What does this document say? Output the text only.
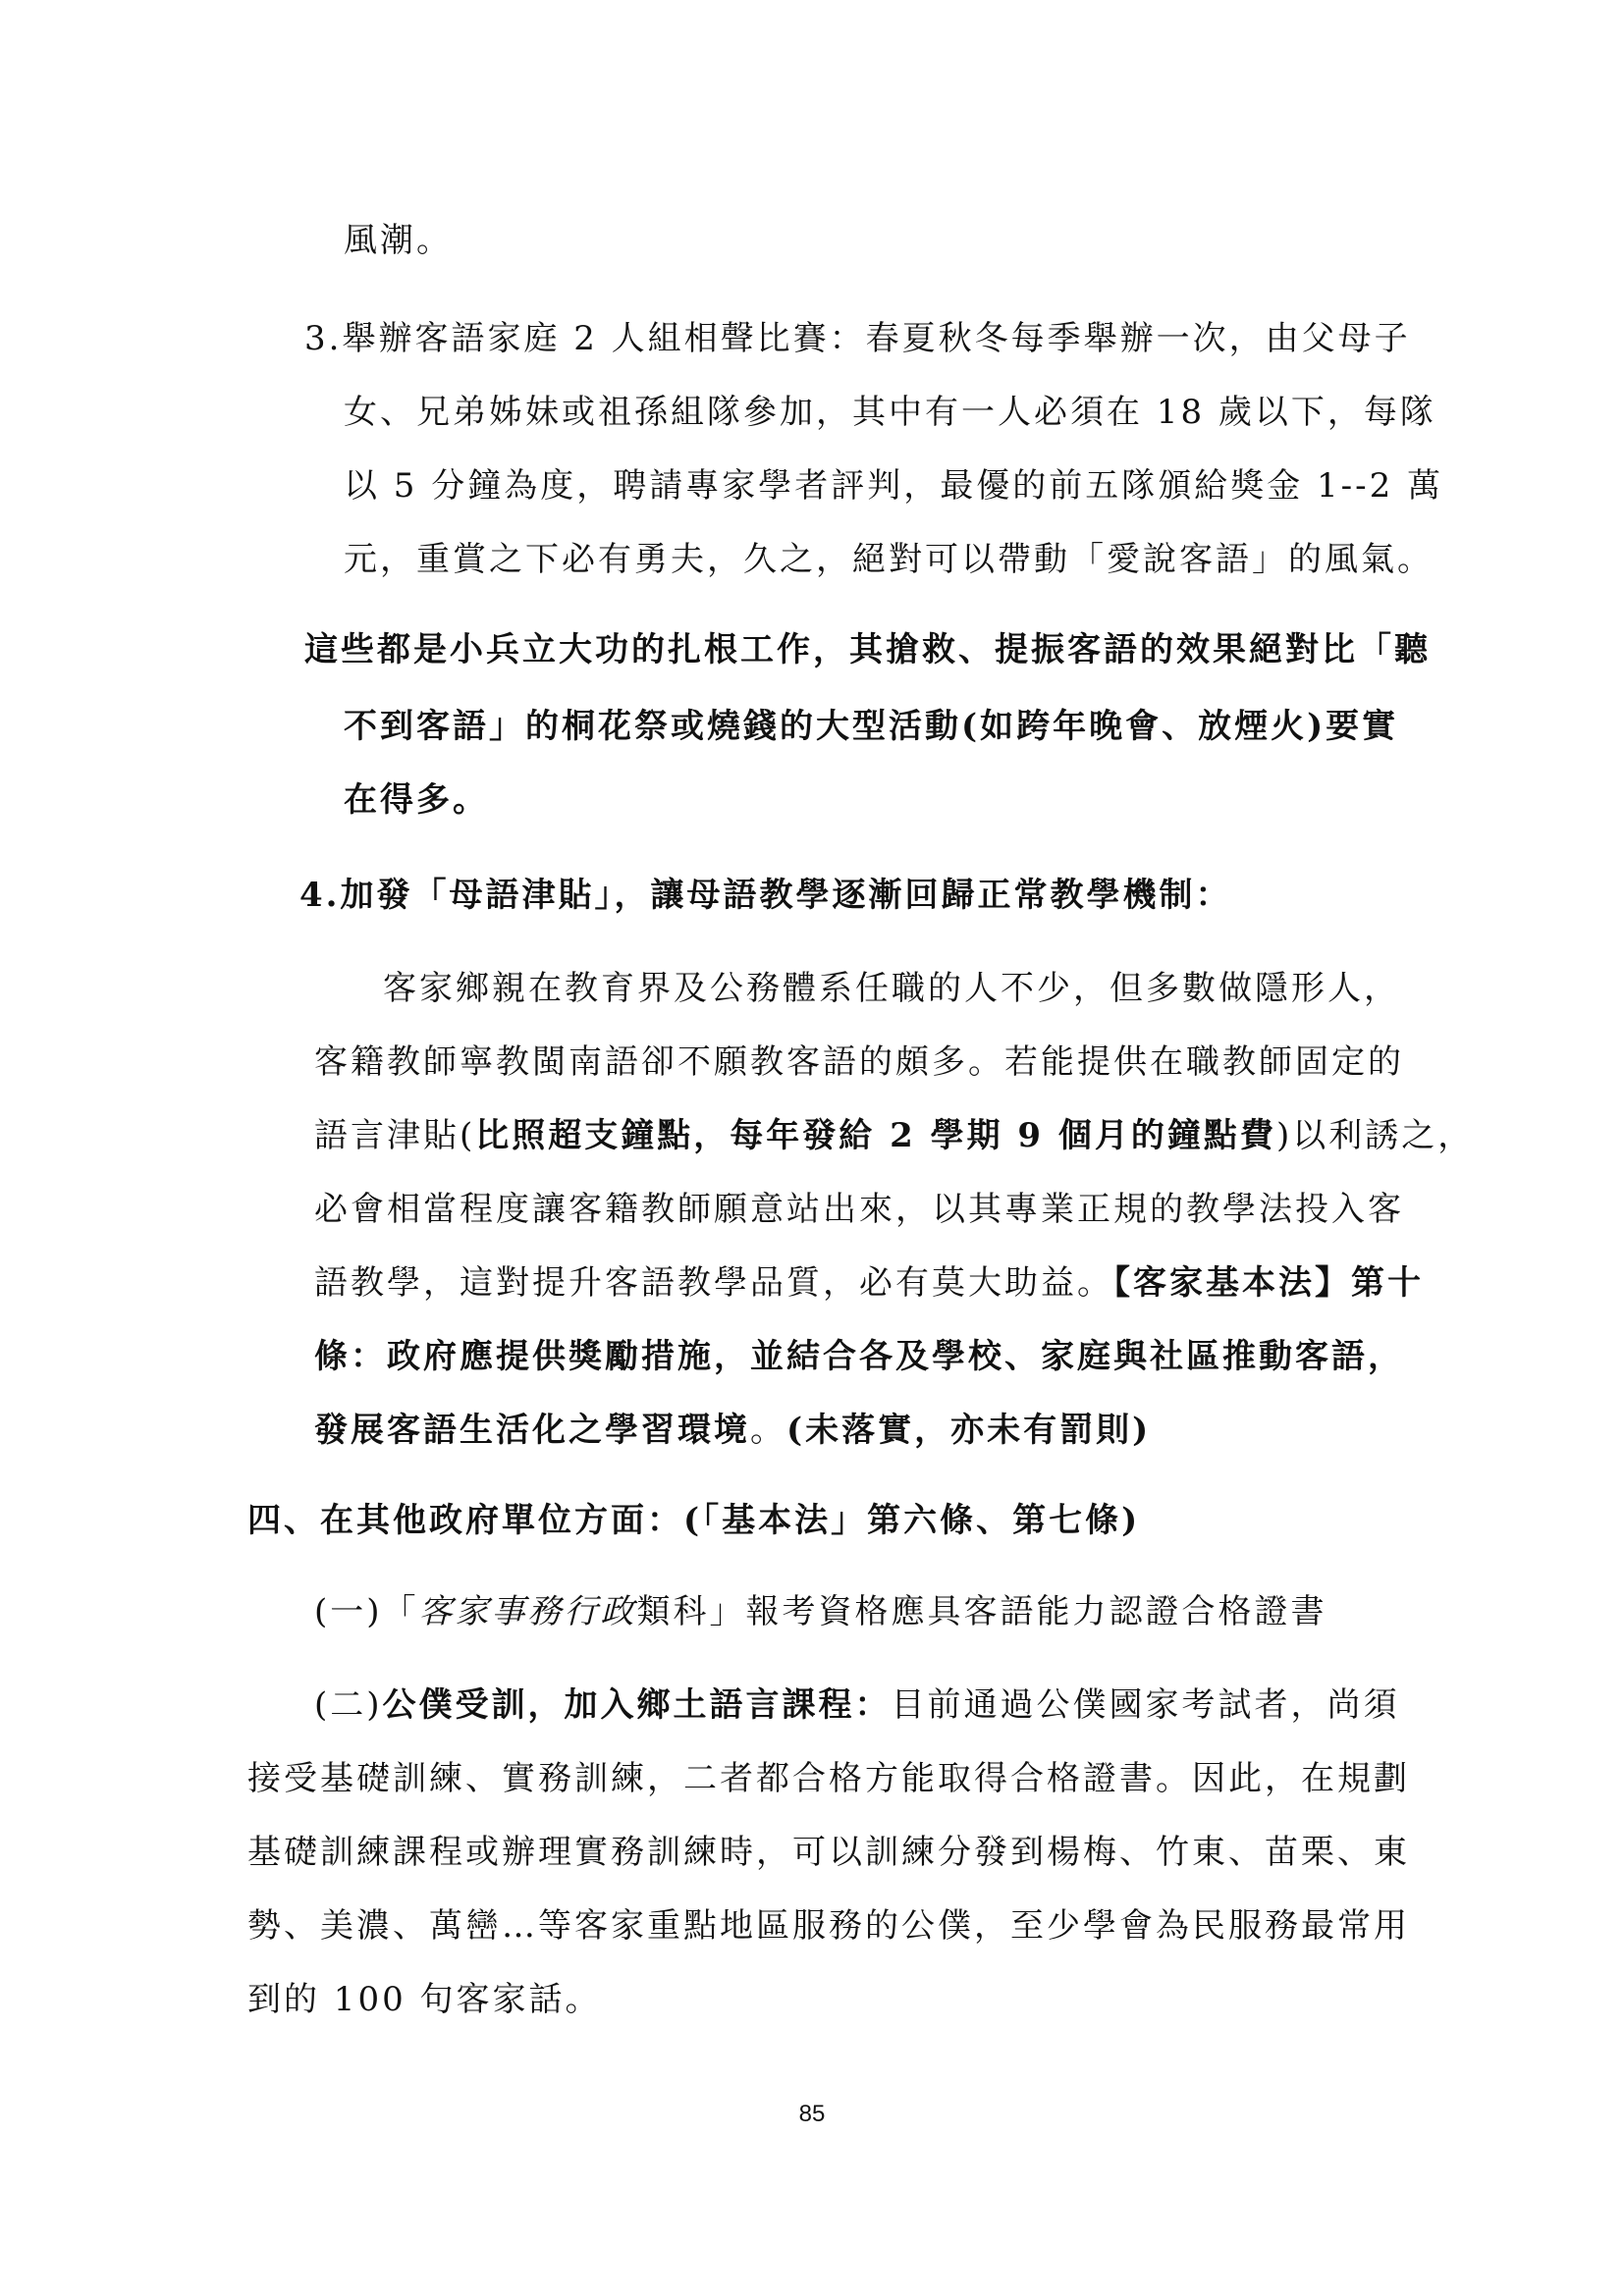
風潮。
3.舉辦客語家庭 2 人組相聲比賽：春夏秋冬每季舉辦一次，由父母子
女、兄弟姊妹或祖孫組隊參加，其中有一人必須在 18 歲以下，每隊
以 5 分鐘為度，聘請專家學者評判，最優的前五隊頒給獎金 1--2 萬
元，重賞之下必有勇夫，久之，絕對可以帶動「愛說客語」的風氣。
這些都是小兵立大功的扎根工作，其搶救、提振客語的效果絕對比「聽
不到客語」的桐花祭或燒錢的大型活動(如跨年晚會、放煙火)要實
在得多。
4.加發「母語津貼」，讓母語教學逐漸回歸正常教學機制：
客家鄉親在教育界及公務體系任職的人不少，但多數做隱形人，
客籍教師寧教閩南語卻不願教客語的頗多。若能提供在職教師固定的
語言津貼(比照超支鐘點，每年發給 2 學期 9 個月的鐘點費)以利誘之，
必會相當程度讓客籍教師願意站出來，以其專業正規的教學法投入客
語教學，這對提升客語教學品質，必有莫大助益。【客家基本法】第十
條：政府應提供獎勵措施，並結合各及學校、家庭與社區推動客語，
發展客語生活化之學習環境。(未落實，亦未有罰則)
四、在其他政府單位方面：(「基本法」第六條、第七條)
(一)「客家事務行政類科」報考資格應具客語能力認證合格證書
(二)公僕受訓，加入鄉土語言課程：目前通過公僕國家考試者，尚須
接受基礎訓練、實務訓練，二者都合格方能取得合格證書。因此，在規劃
基礎訓練課程或辦理實務訓練時，可以訓練分發到楊梅、竹東、苗栗、東
勢、美濃、萬巒…等客家重點地區服務的公僕，至少學會為民服務最常用
到的 100 句客家話。
85
